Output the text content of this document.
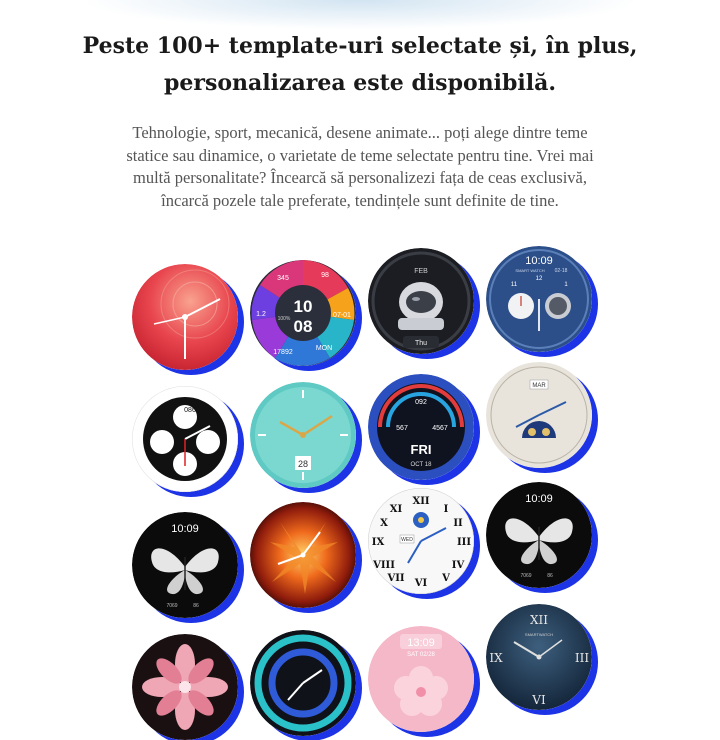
Peste 100+ template-uri selectate și, în plus,
personalizarea este disponibilă.
Tehnologie, sport, mecanică, desene animate... poți alege dintre teme
statice sau dinamice, o varietate de teme selectate pentru tine. Vrei mai
multă personalitate? Încearcă să personalizezi fața de ceas exclusivă,
încarcă pozele tale preferate, tendințele sunt definite de tine.
10
08
345	98
1.2	07-01
17892
MON
100%
FEB
Thu
10:09
SMART WATCH 02-18
12
11	1
086
♥
28
092
567	4567
FRI
OCT 18
MAR
10:09
7069	86
XII
VI
IX	III
I
II
XI
X
VIII	IV
VII	V
WED
10:09
7069	86
13:09
SAT 02/28
XII
VI
IX	III
SMARTWATCH
